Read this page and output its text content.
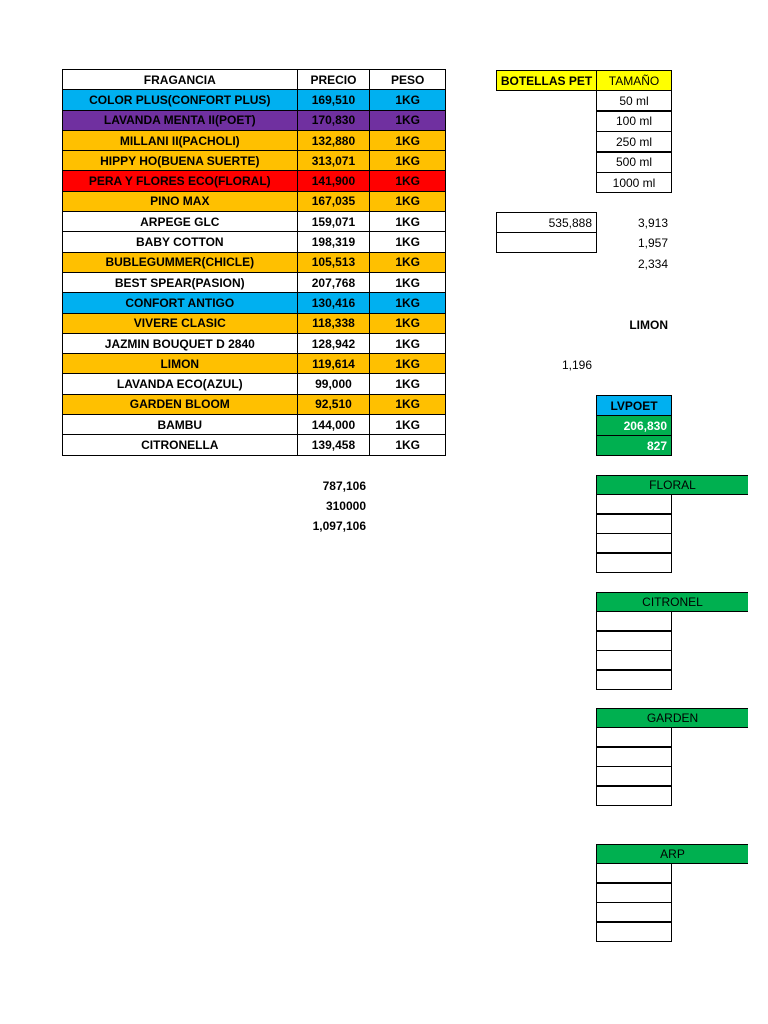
FRAGANCIA	PRECIO	PESO
COLOR PLUS(CONFORT PLUS)	169,510	1KG
LAVANDA MENTA II(POET)	170,830	1KG
MILLANI II(PACHOLI)	132,880	1KG
HIPPY HO(BUENA SUERTE)	313,071	1KG
PERA Y FLORES ECO(FLORAL)	141,900	1KG
PINO MAX	167,035	1KG
ARPEGE GLC	159,071	1KG
BABY COTTON	198,319	1KG
BUBLEGUMMER(CHICLE)	105,513	1KG
BEST SPEAR(PASION)	207,768	1KG
CONFORT ANTIGO	130,416	1KG
VIVERE CLASIC	118,338	1KG
JAZMIN BOUQUET D 2840	128,942	1KG
LIMON	119,614	1KG
LAVANDA ECO(AZUL)	99,000	1KG
GARDEN BLOOM	92,510	1KG
BAMBU	144,000	1KG
CITRONELLA	139,458	1KG
787,106
310000
1,097,106
BOTELLAS PET	TAMAÑO
50 ml
100 ml
250 ml
500 ml
1000 ml
535,888	3,913
1,957
2,334
LIMON
1,196
LVPOET
206,830
827
FLORAL
CITRONEL
GARDEN
ARP
